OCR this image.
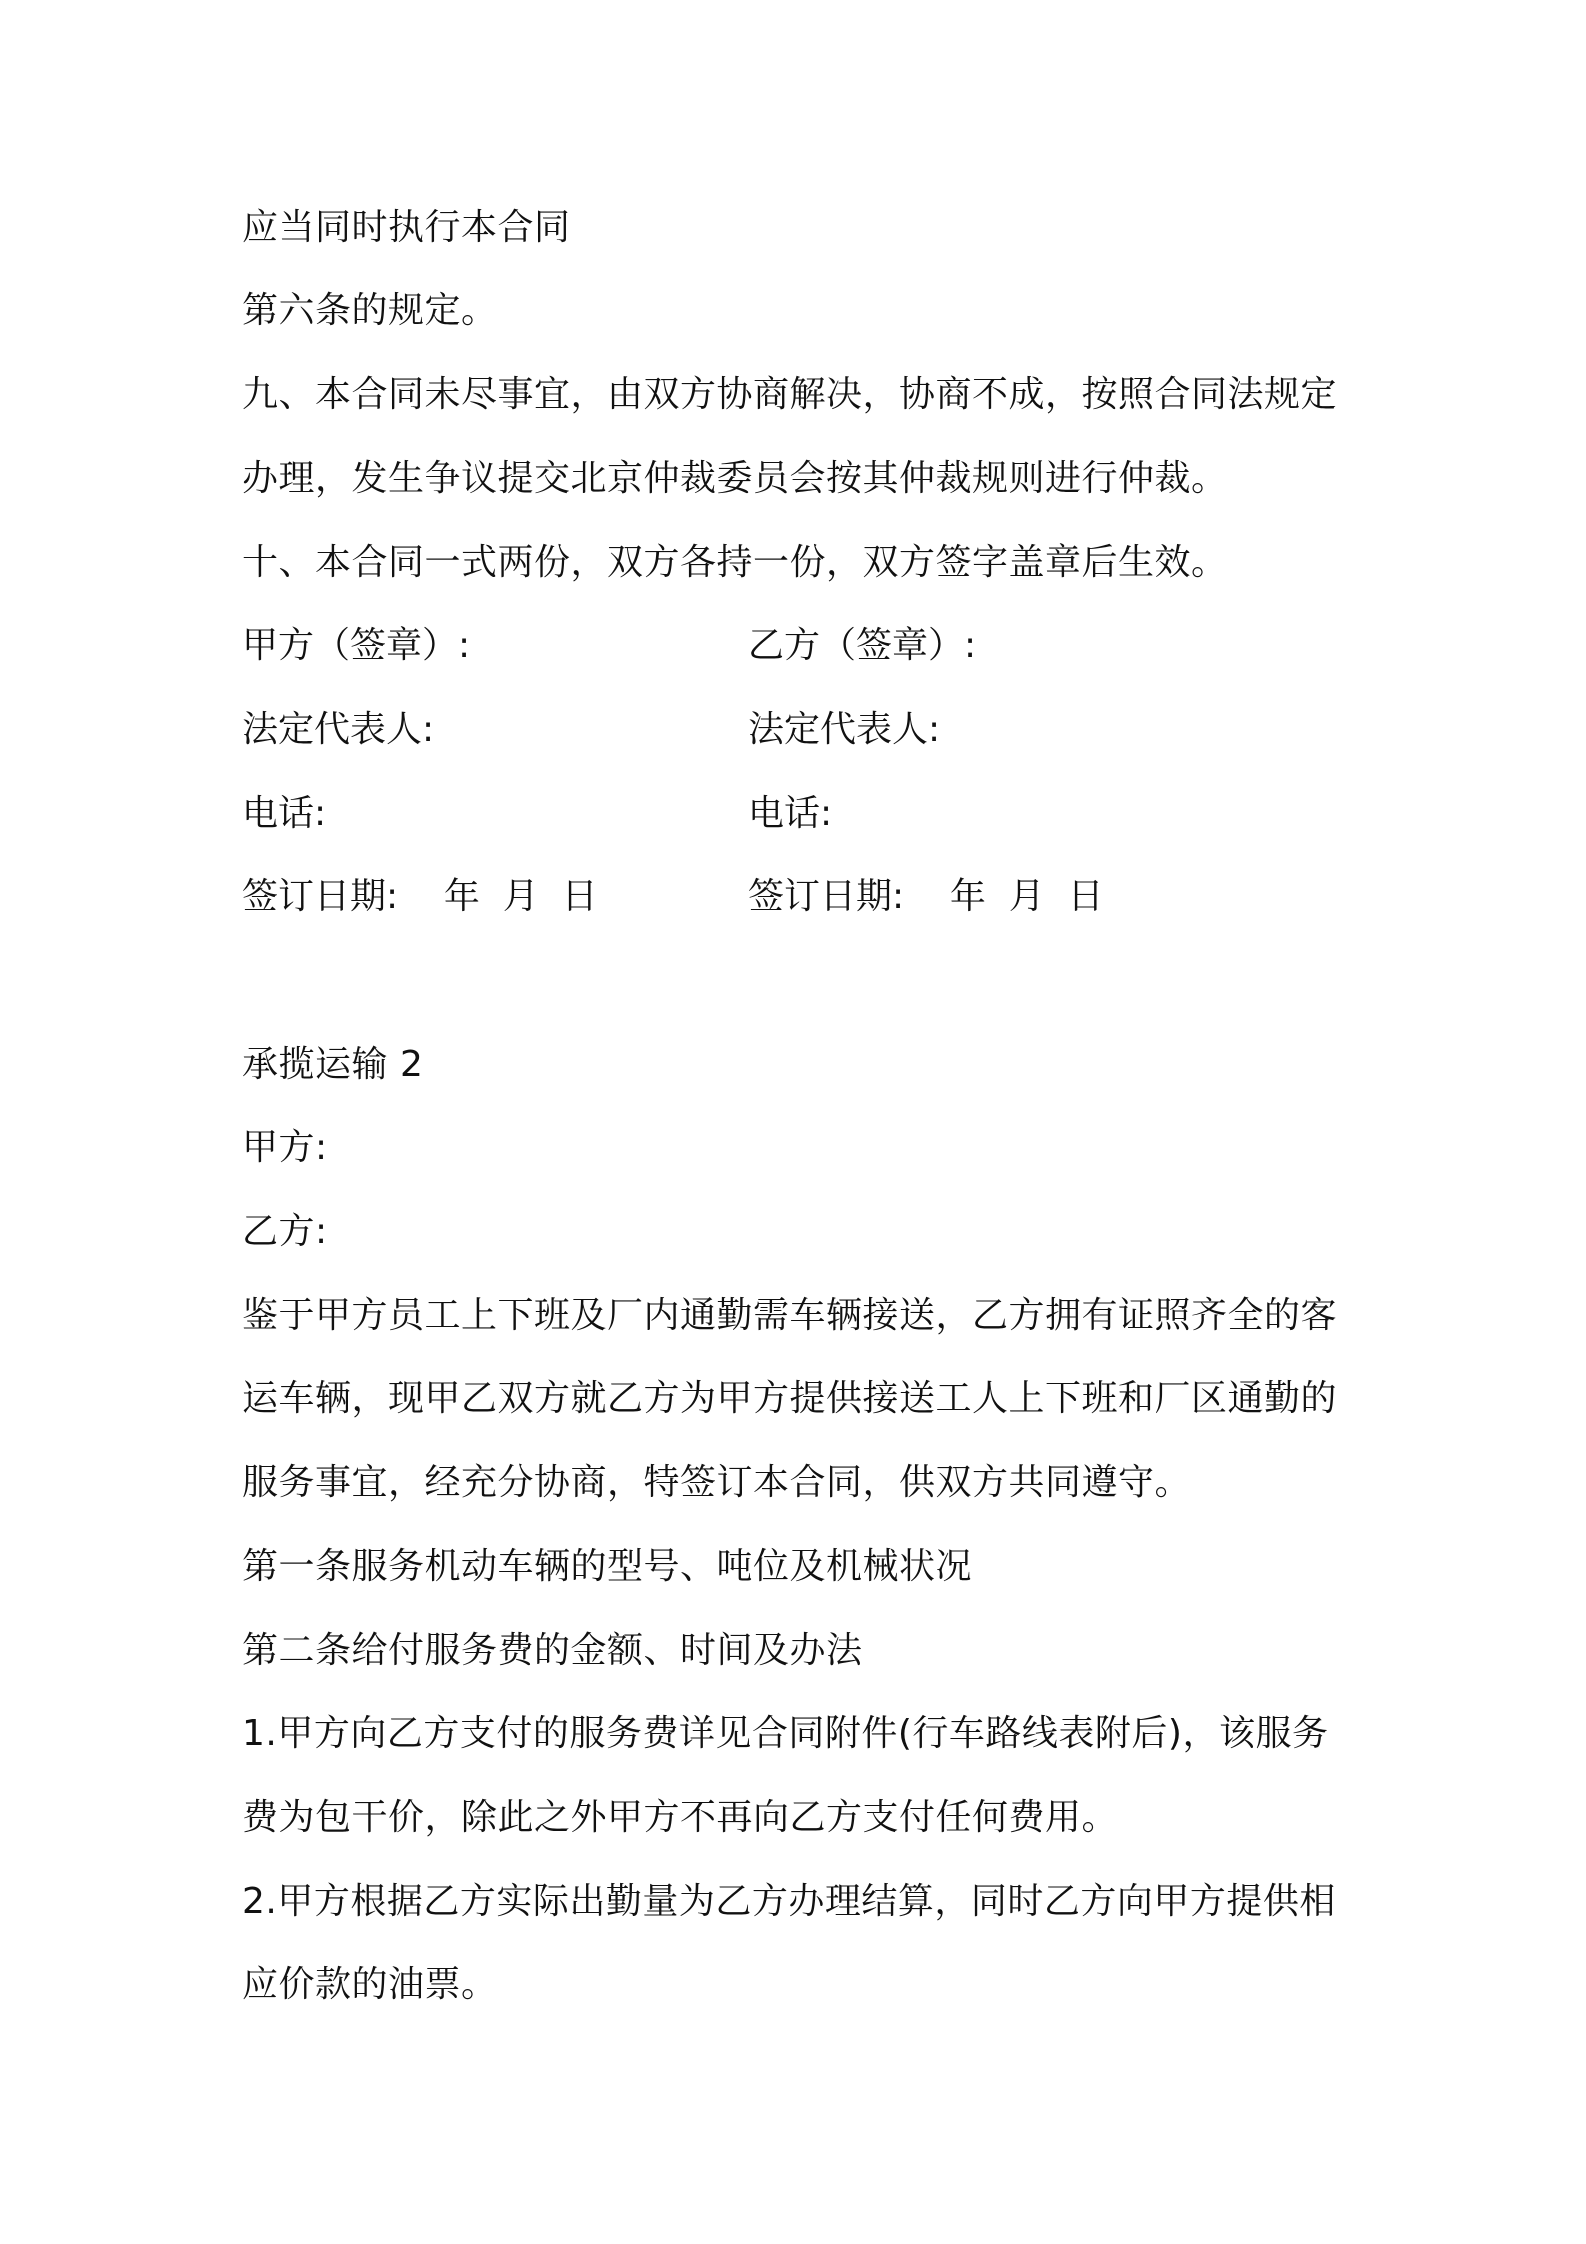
应当同时执行本合同
第六条的规定。
九、本合同未尽事宜，由双方协商解决，协商不成，按照合同法规定
办理，发生争议提交北京仲裁委员会按其仲裁规则进行仲裁。
十、本合同一式两份，双方各持一份，双方签字盖章后生效。
甲方（签章）:	乙方（签章）:
法定代表人:	法定代表人:
电话:	电话:
签订日期:    年  月  日	签订日期:    年  月  日
承揽运输 2
甲方:
乙方:
鉴于甲方员工上下班及厂内通勤需车辆接送，乙方拥有证照齐全的客
运车辆，现甲乙双方就乙方为甲方提供接送工人上下班和厂区通勤的
服务事宜，经充分协商，特签订本合同，供双方共同遵守。
第一条服务机动车辆的型号、吨位及机械状况
第二条给付服务费的金额、时间及办法
1.甲方向乙方支付的服务费详见合同附件(行车路线表附后)，该服务
费为包干价，除此之外甲方不再向乙方支付任何费用。
2.甲方根据乙方实际出勤量为乙方办理结算，同时乙方向甲方提供相
应价款的油票。
